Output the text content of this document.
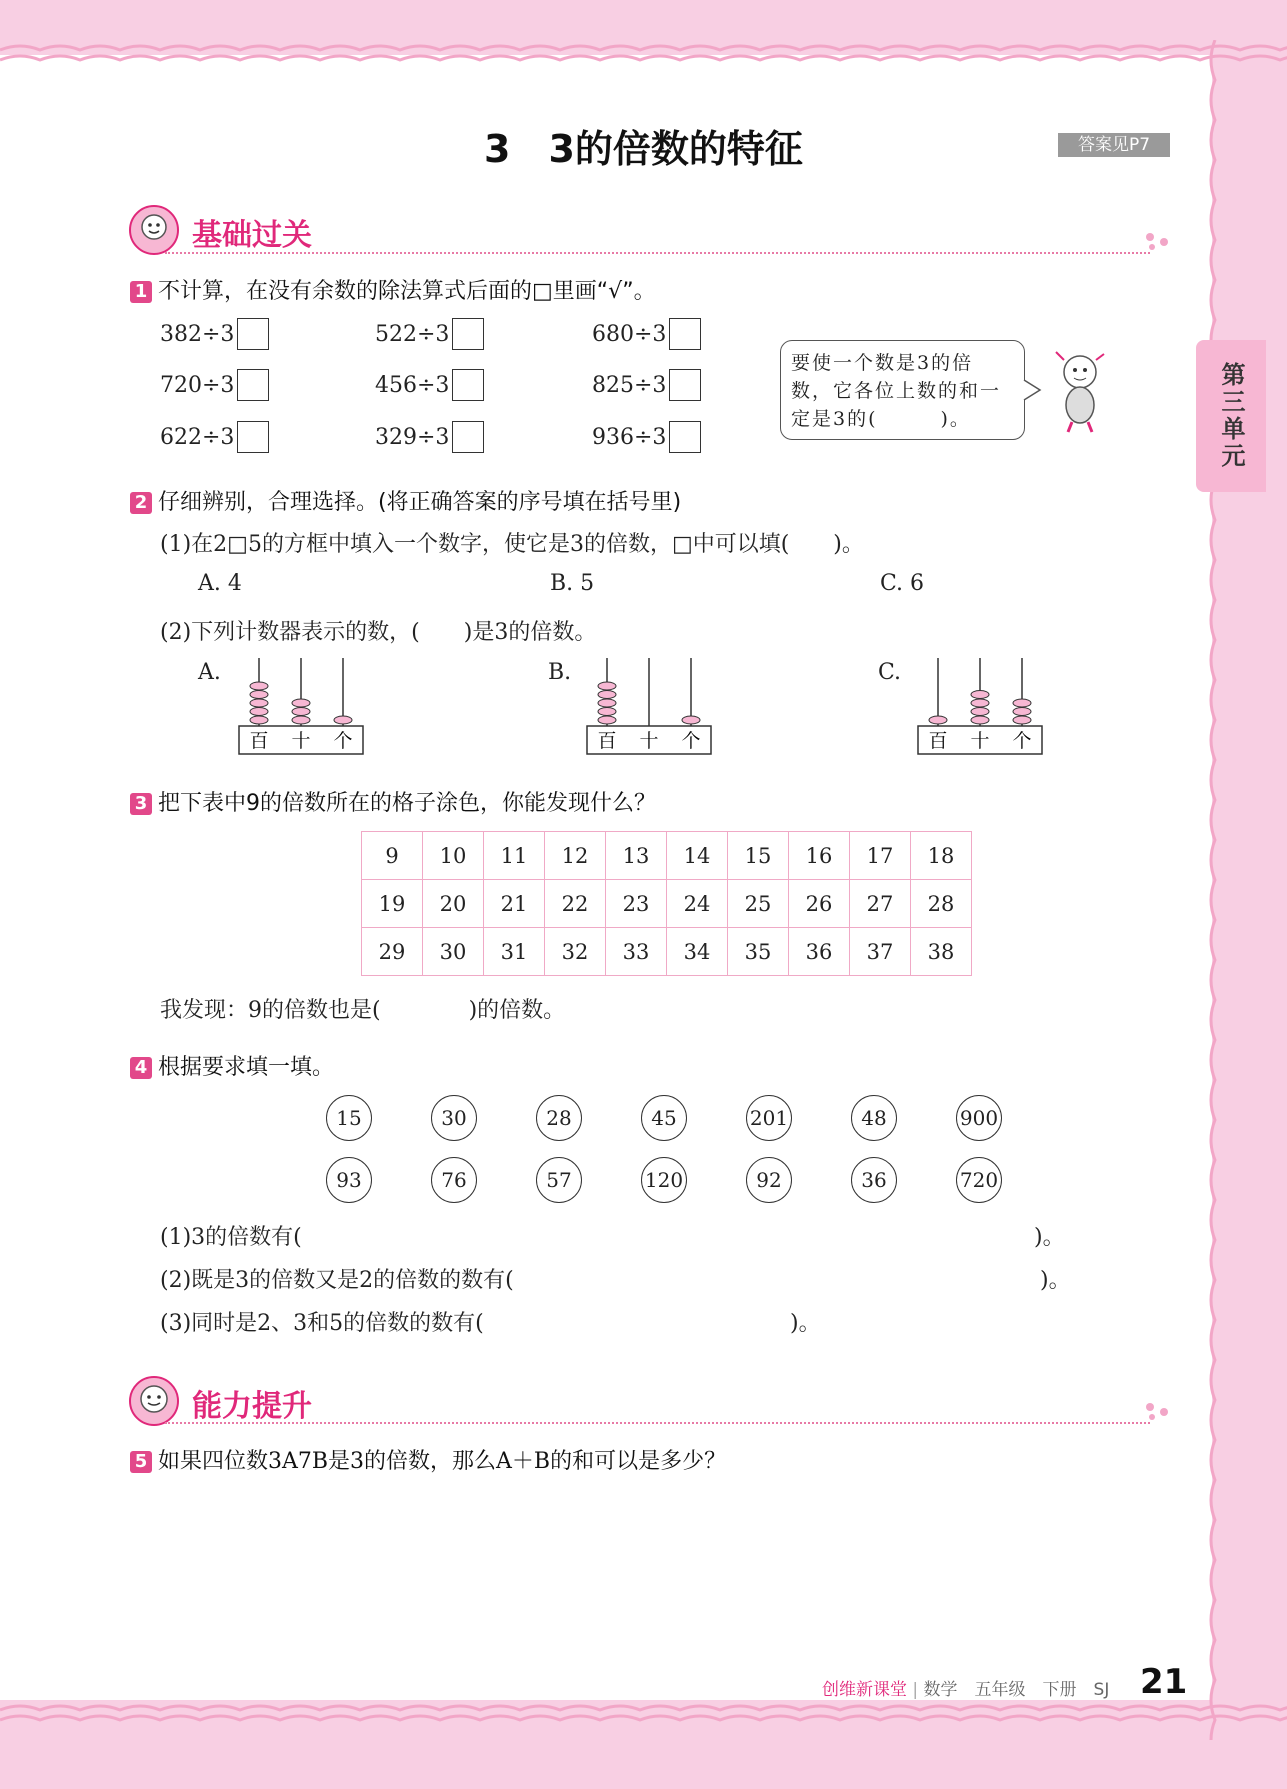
3　3的倍数的特征	答案见P7
第三单元
基础过关
1 不计算，在没有余数的除法算式后面的□里画“√”。
382÷3	522÷3	680÷3
720÷3	456÷3	825÷3
622÷3	329÷3	936÷3
要使一个数是3的倍
数，它各位上数的和一
定是3的(　　　)。
2 仔细辨别，合理选择。(将正确答案的序号填在括号里)
(1)在2□5的方框中填入一个数字，使它是3的倍数，□中可以填(　　)。
A. 4	B. 5	C. 6
(2)下列计数器表示的数，(　　)是3的倍数。
A.	B.	C.
百 十 个	百 十 个	百 十 个
3 把下表中9的倍数所在的格子涂色，你能发现什么？
9	10	11	12	13	14	15	16	17	18
19	20	21	22	23	24	25	26	27	28
29	30	31	32	33	34	35	36	37	38
我发现：9的倍数也是(　　　　)的倍数。
4 根据要求填一填。
15	30	28	45	201	48	900
93	76	57	120	92	36	720
(1)3的倍数有(	)。
(2)既是3的倍数又是2的倍数的数有(	)。
(3)同时是2、3和5的倍数的数有(	)。
能力提升
5 如果四位数3A7B是3的倍数，那么A＋B的和可以是多少？
创维新课堂 | 数学　五年级　下册　SJ 21
